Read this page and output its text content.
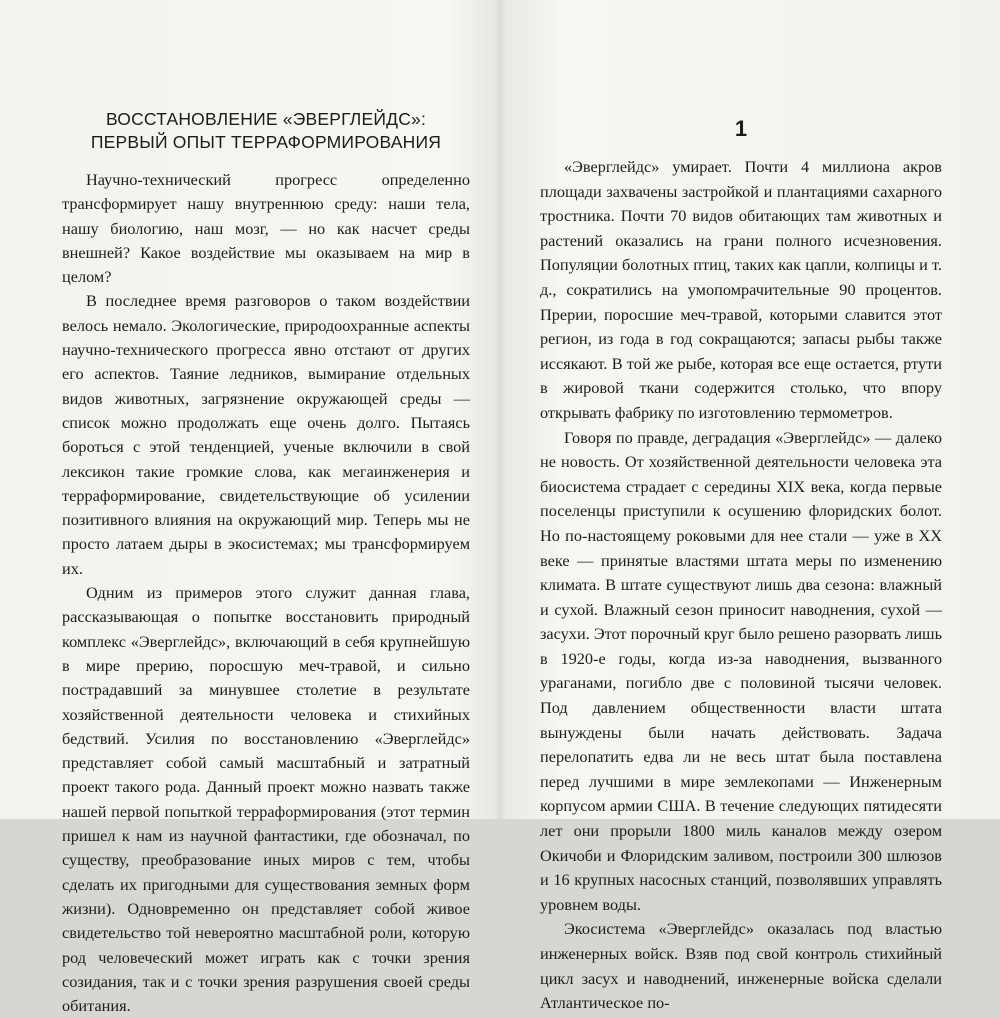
ВОССТАНОВЛЕНИЕ «ЭВЕРГЛЕЙДС»:
ПЕРВЫЙ ОПЫТ ТЕРРАФОРМИРОВАНИЯ

Научно-технический прогресс определенно трансформирует нашу внутреннюю среду: наши тела, нашу биологию, наш мозг, — но как насчет среды внешней? Какое воздействие мы оказываем на мир в целом?

В последнее время разговоров о таком воздействии велось немало. Экологические, природоохранные аспекты научно-технического прогресса явно отстают от других его аспектов. Таяние ледников, вымирание отдельных видов животных, загрязнение окружающей среды — список можно продолжать еще очень долго. Пытаясь бороться с этой тенденцией, ученые включили в свой лексикон такие громкие слова, как мегаинженерия и терраформирование, свидетельствующие об усилении позитивного влияния на окружающий мир. Теперь мы не просто латаем дыры в экосистемах; мы трансформируем их.

Одним из примеров этого служит данная глава, рассказывающая о попытке восстановить природный комплекс «Эверглейдс», включающий в себя крупнейшую в мире прерию, поросшую меч-травой, и сильно пострадавший за минувшее столетие в результате хозяйственной деятельности человека и стихийных бедствий. Усилия по восстановлению «Эверглейдс» представляет собой самый масштабный и затратный проект такого рода. Данный проект можно назвать также нашей первой попыткой терраформирования (этот термин пришел к нам из научной фантастики, где обозначал, по существу, преобразование иных миров с тем, чтобы сделать их пригодными для существования земных форм жизни). Одновременно он представляет собой живое свидетельство той невероятно масштабной роли, которую род человеческий может играть как с точки зрения созидания, так и с точки зрения разрушения своей среды обитания.

1

«Эверглейдс» умирает. Почти 4 миллиона акров площади захвачены застройкой и плантациями сахарного тростника. Почти 70 видов обитающих там животных и растений оказались на грани полного исчезновения. Популяции болотных птиц, таких как цапли, колпицы и т. д., сократились на умопомрачительные 90 процентов. Прерии, поросшие меч-травой, которыми славится этот регион, из года в год сокращаются; запасы рыбы также иссякают. В той же рыбе, которая все еще остается, ртути в жировой ткани содержится столько, что впору открывать фабрику по изготовлению термометров.

Говоря по правде, деградация «Эверглейдс» — далеко не новость. От хозяйственной деятельности человека эта биосистема страдает с середины XIX века, когда первые поселенцы приступили к осушению флоридских болот. Но по-настоящему роковыми для нее стали — уже в XX веке — принятые властями штата меры по изменению климата. В штате существуют лишь два сезона: влажный и сухой. Влажный сезон приносит наводнения, сухой — засухи. Этот порочный круг было решено разорвать лишь в 1920-е годы, когда из-за наводнения, вызванного ураганами, погибло две с половиной тысячи человек. Под давлением общественности власти штата вынуждены были начать действовать. Задача перелопатить едва ли не весь штат была поставлена перед лучшими в мире землекопами — Инженерным корпусом армии США. В течение следующих пятидесяти лет они прорыли 1800 миль каналов между озером Окичоби и Флоридским заливом, построили 300 шлюзов и 16 крупных насосных станций, позволявших управлять уровнем воды.

Экосистема «Эверглейдс» оказалась под властью инженерных войск. Взяв под свой контроль стихийный цикл засух и наводнений, инженерные войска сделали Атлантическое по-
